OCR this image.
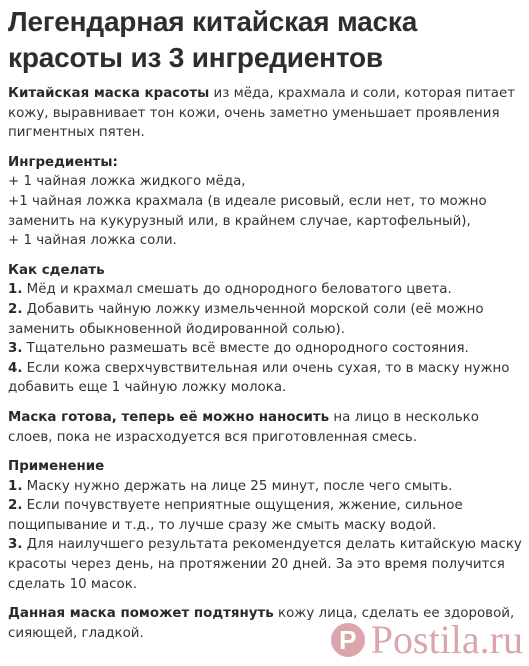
Легендарная китайская маска красоты из 3 ингредиентов

Китайская маска красоты из мёда, крахмала и соли, которая питает кожу, выравнивает тон кожи, очень заметно уменьшает проявления пигментных пятен.

Ингредиенты:

+ 1 чайная ложка жидкого мёда,

+1 чайная ложка крахмала (в идеале рисовый, если нет, то можно заменить на кукурузный или, в крайнем случае, картофельный),

+ 1 чайная ложка соли.

Как сделать

1. Мёд и крахмал смешать до однородного беловатого цвета.

2. Добавить чайную ложку измельченной морской соли (её можно заменить обыкновенной йодированной солью).

3. Тщательно размешать всё вместе до однородного состояния.

4. Если кожа сверхчувствительная или очень сухая, то в маску нужно добавить еще 1 чайную ложку молока.

Маска готова, теперь её можно наносить на лицо в несколько слоев, пока не израсходуется вся приготовленная смесь.

Применение

1. Маску нужно держать на лице 25 минут, после чего смыть.

2. Если почувствуете неприятные ощущения, жжение, сильное пощипывание и т.д., то лучше сразу же смыть маску водой.

3. Для наилучшего результата рекомендуется делать китайскую маску красоты через день, на протяжении 20 дней. За это время получится сделать 10 масок.

Данная маска поможет подтянуть кожу лица, сделать ее здоровой, сияющей, гладкой.	P Postila.ru
